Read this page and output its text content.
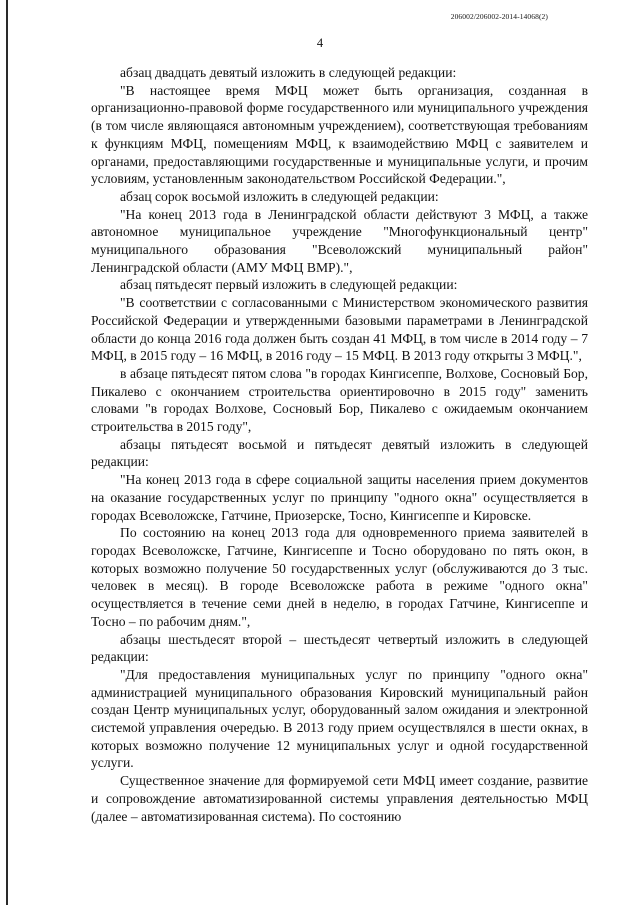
206002/206002-2014-14068(2)
4

абзац двадцать девятый изложить в следующей редакции:

"В настоящее время МФЦ может быть организация, созданная в организационно-правовой форме государственного или муниципального учреждения (в том числе являющаяся автономным учреждением), соответствующая требованиям к функциям МФЦ, помещениям МФЦ, к взаимодействию МФЦ с заявителем и органами, предоставляющими государственные и муниципальные услуги, и прочим условиям, установленным законодательством Российской Федерации.",

абзац сорок восьмой изложить в следующей редакции:

"На конец 2013 года в Ленинградской области действуют 3 МФЦ, а также автономное муниципальное учреждение "Многофункциональный центр" муниципального образования "Всеволожский муниципальный район" Ленинградской области (АМУ МФЦ ВМР).",

абзац пятьдесят первый изложить в следующей редакции:

"В соответствии с согласованными с Министерством экономического развития Российской Федерации и утвержденными базовыми параметрами в Ленинградской области до конца 2016 года должен быть создан 41 МФЦ, в том числе в 2014 году – 7 МФЦ, в 2015 году – 16 МФЦ, в 2016 году – 15 МФЦ. В 2013 году открыты 3 МФЦ.",

в абзаце пятьдесят пятом слова "в городах Кингисеппе, Волхове, Сосновый Бор, Пикалево с окончанием строительства ориентировочно в 2015 году" заменить словами "в городах Волхове, Сосновый Бор, Пикалево с ожидаемым окончанием строительства в 2015 году",

абзацы пятьдесят восьмой и пятьдесят девятый изложить в следующей редакции:

"На конец 2013 года в сфере социальной защиты населения прием документов на оказание государственных услуг по принципу "одного окна" осуществляется в городах Всеволожске, Гатчине, Приозерске, Тосно, Кингисеппе и Кировске.

По состоянию на конец 2013 года для одновременного приема заявителей в городах Всеволожске, Гатчине, Кингисеппе и Тосно оборудовано по пять окон, в которых возможно получение 50 государственных услуг (обслуживаются до 3 тыс. человек в месяц). В городе Всеволожске работа в режиме "одного окна" осуществляется в течение семи дней в неделю, в городах Гатчине, Кингисеппе и Тосно – по рабочим дням.",

абзацы шестьдесят второй – шестьдесят четвертый изложить в следующей редакции:

"Для предоставления муниципальных услуг по принципу "одного окна" администрацией муниципального образования Кировский муниципальный район создан Центр муниципальных услуг, оборудованный залом ожидания и электронной системой управления очередью. В 2013 году прием осуществлялся в шести окнах, в которых возможно получение 12 муниципальных услуг и одной государственной услуги.

Существенное значение для формируемой сети МФЦ имеет создание, развитие и сопровождение автоматизированной системы управления деятельностью МФЦ (далее – автоматизированная система). По состоянию
